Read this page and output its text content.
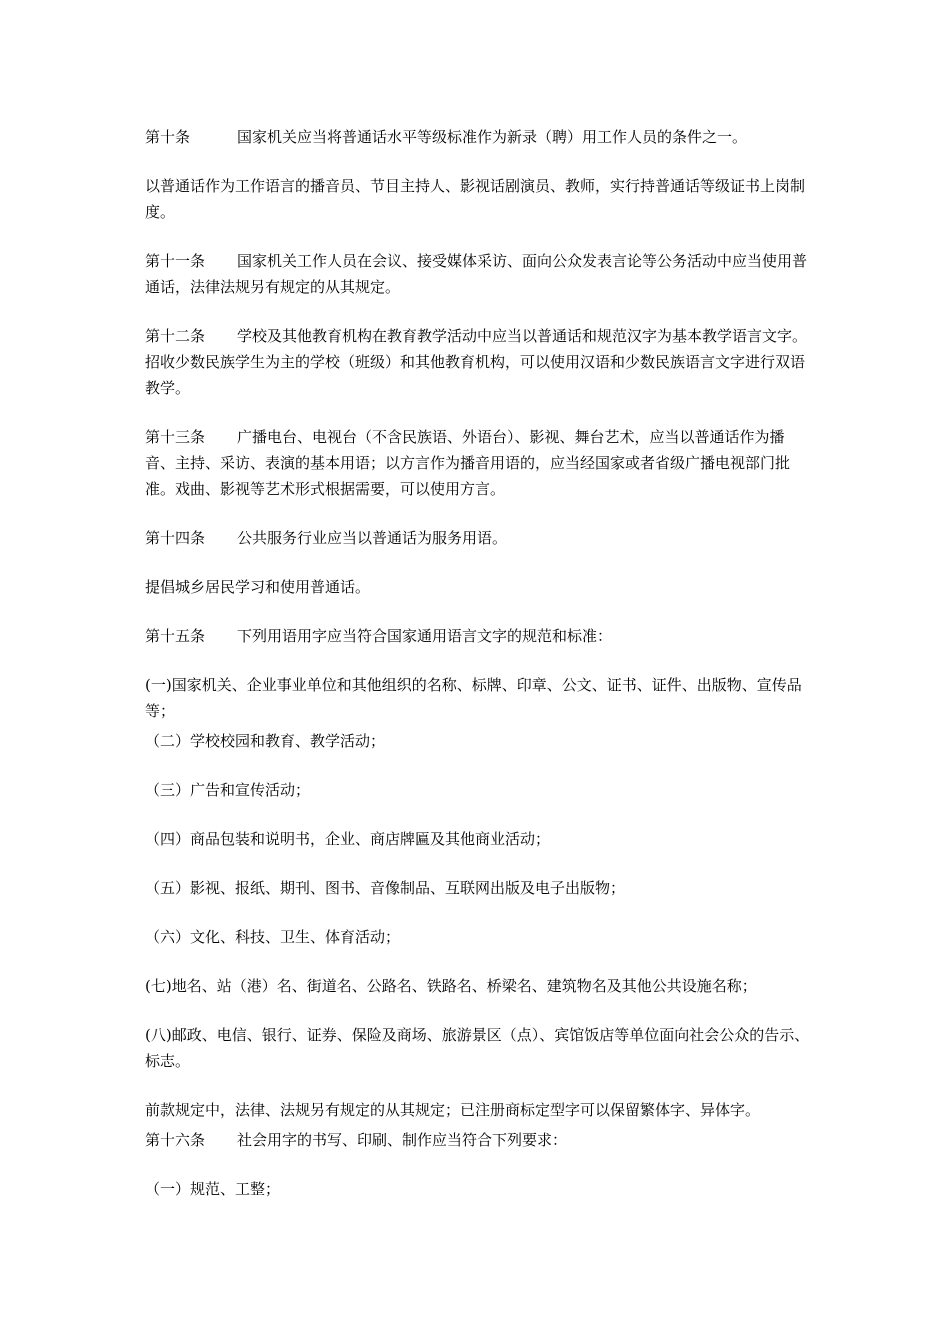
第十条	国家机关应当将普通话水平等级标准作为新录（聘）用工作人员的条件之一。

以普通话作为工作语言的播音员、节目主持人、影视话剧演员、教师，实行持普通话等级证书上岗制度。

第十一条 国家机关工作人员在会议、接受媒体采访、面向公众发表言论等公务活动中应当使用普通话，法律法规另有规定的从其规定。

第十二条 学校及其他教育机构在教育教学活动中应当以普通话和规范汉字为基本教学语言文字。招收少数民族学生为主的学校（班级）和其他教育机构，可以使用汉语和少数民族语言文字进行双语教学。

第十三条 广播电台、电视台（不含民族语、外语台）、影视、舞台艺术，应当以普通话作为播音、主持、采访、表演的基本用语；以方言作为播音用语的，应当经国家或者省级广播电视部门批准。戏曲、影视等艺术形式根据需要，可以使用方言。

第十四条 公共服务行业应当以普通话为服务用语。

提倡城乡居民学习和使用普通话。

第十五条 下列用语用字应当符合国家通用语言文字的规范和标准：

(一)国家机关、企业事业单位和其他组织的名称、标牌、印章、公文、证书、证件、出版物、宣传品等；

（二）学校校园和教育、教学活动；

（三）广告和宣传活动；

（四）商品包装和说明书，企业、商店牌匾及其他商业活动；

（五）影视、报纸、期刊、图书、音像制品、互联网出版及电子出版物；

（六）文化、科技、卫生、体育活动；

(七)地名、站（港）名、街道名、公路名、铁路名、桥梁名、建筑物名及其他公共设施名称；

(八)邮政、电信、银行、证券、保险及商场、旅游景区（点）、宾馆饭店等单位面向社会公众的告示、标志。

前款规定中，法律、法规另有规定的从其规定；已注册商标定型字可以保留繁体字、异体字。

第十六条 社会用字的书写、印刷、制作应当符合下列要求：

（一）规范、工整；
